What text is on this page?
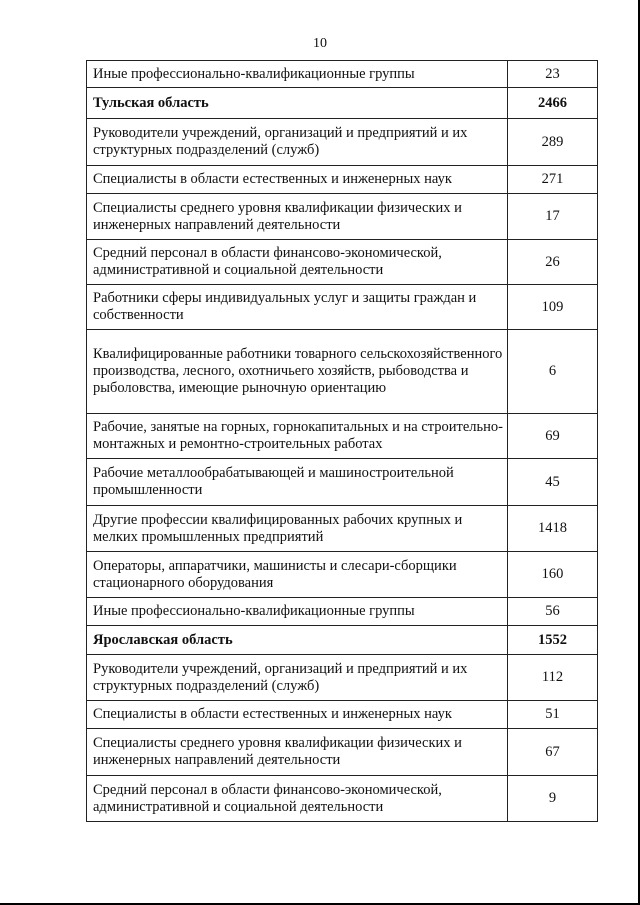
10
Иные профессионально-квалификационные группы	23
Тульская область	2466
Руководители учреждений, организаций и предприятий и их структурных подразделений (служб)	289
Специалисты в области естественных и инженерных наук	271
Специалисты среднего уровня квалификации физических и инженерных направлений деятельности	17
Средний персонал в области финансово-экономической, административной и социальной деятельности	26
Работники сферы индивидуальных услуг и защиты граждан и собственности	109
Квалифицированные работники товарного сельскохозяйственного производства, лесного, охотничьего хозяйств, рыбоводства и рыболовства, имеющие рыночную ориентацию	6
Рабочие, занятые на горных, горнокапитальных и на строительно-монтажных и ремонтно-строительных работах	69
Рабочие металлообрабатывающей и машиностроительной промышленности	45
Другие профессии квалифицированных рабочих крупных и мелких промышленных предприятий	1418
Операторы, аппаратчики, машинисты и слесари-сборщики стационарного оборудования	160
Иные профессионально-квалификационные группы	56
Ярославская область	1552
Руководители учреждений, организаций и предприятий и их структурных подразделений (служб)	112
Специалисты в области естественных и инженерных наук	51
Специалисты среднего уровня квалификации физических и инженерных направлений деятельности	67
Средний персонал в области финансово-экономической, административной и социальной деятельности	9
